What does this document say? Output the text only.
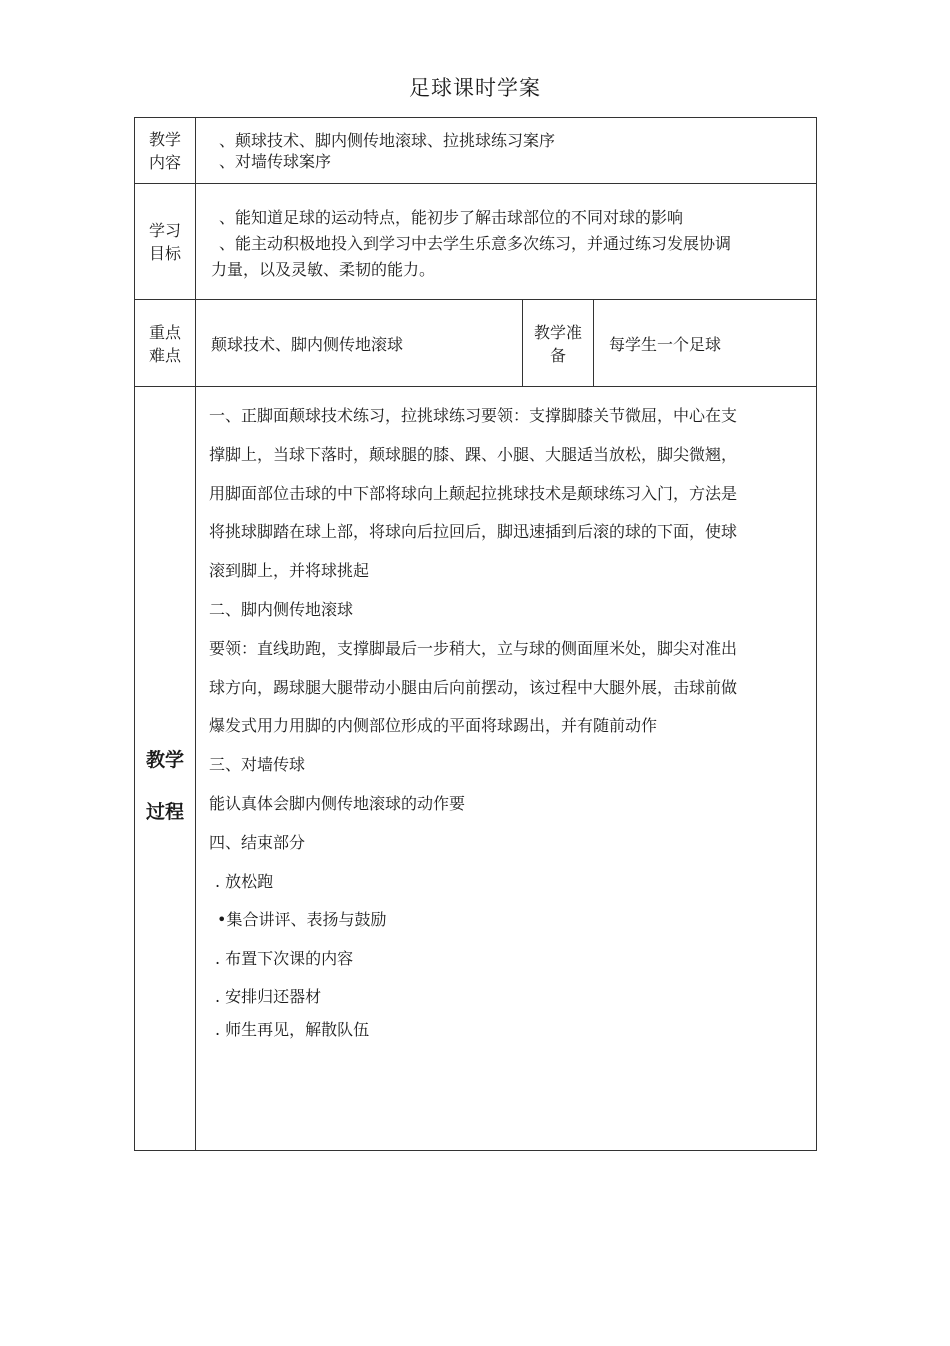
足球课时学案
教学
内容
、颠球技术、脚内侧传地滚球、拉挑球练习案序
、对墙传球案序
学习
目标
、能知道足球的运动特点，能初步了解击球部位的不同对球的影响
、能主动积极地投入到学习中去学生乐意多次练习，并通过练习发展协调
力量，以及灵敏、柔韧的能力。
重点
难点
颠球技术、脚内侧传地滚球
教学准
备
每学生一个足球
教学
过程
一、正脚面颠球技术练习，拉挑球练习要领：支撑脚膝关节微屈，中心在支
撑脚上，当球下落时，颠球腿的膝、踝、小腿、大腿适当放松，脚尖微翘，
用脚面部位击球的中下部将球向上颠起拉挑球技术是颠球练习入门，方法是
将挑球脚踏在球上部，将球向后拉回后，脚迅速插到后滚的球的下面，使球
滚到脚上，并将球挑起
二、脚内侧传地滚球
要领：直线助跑，支撑脚最后一步稍大，立与球的侧面厘米处，脚尖对准出
球方向，踢球腿大腿带动小腿由后向前摆动，该过程中大腿外展，击球前做
爆发式用力用脚的内侧部位形成的平面将球踢出，并有随前动作
三、对墙传球
能认真体会脚内侧传地滚球的动作要
四、结束部分
. 放松跑
•集合讲评、表扬与鼓励
. 布置下次课的内容
. 安排归还器材
. 师生再见，解散队伍
